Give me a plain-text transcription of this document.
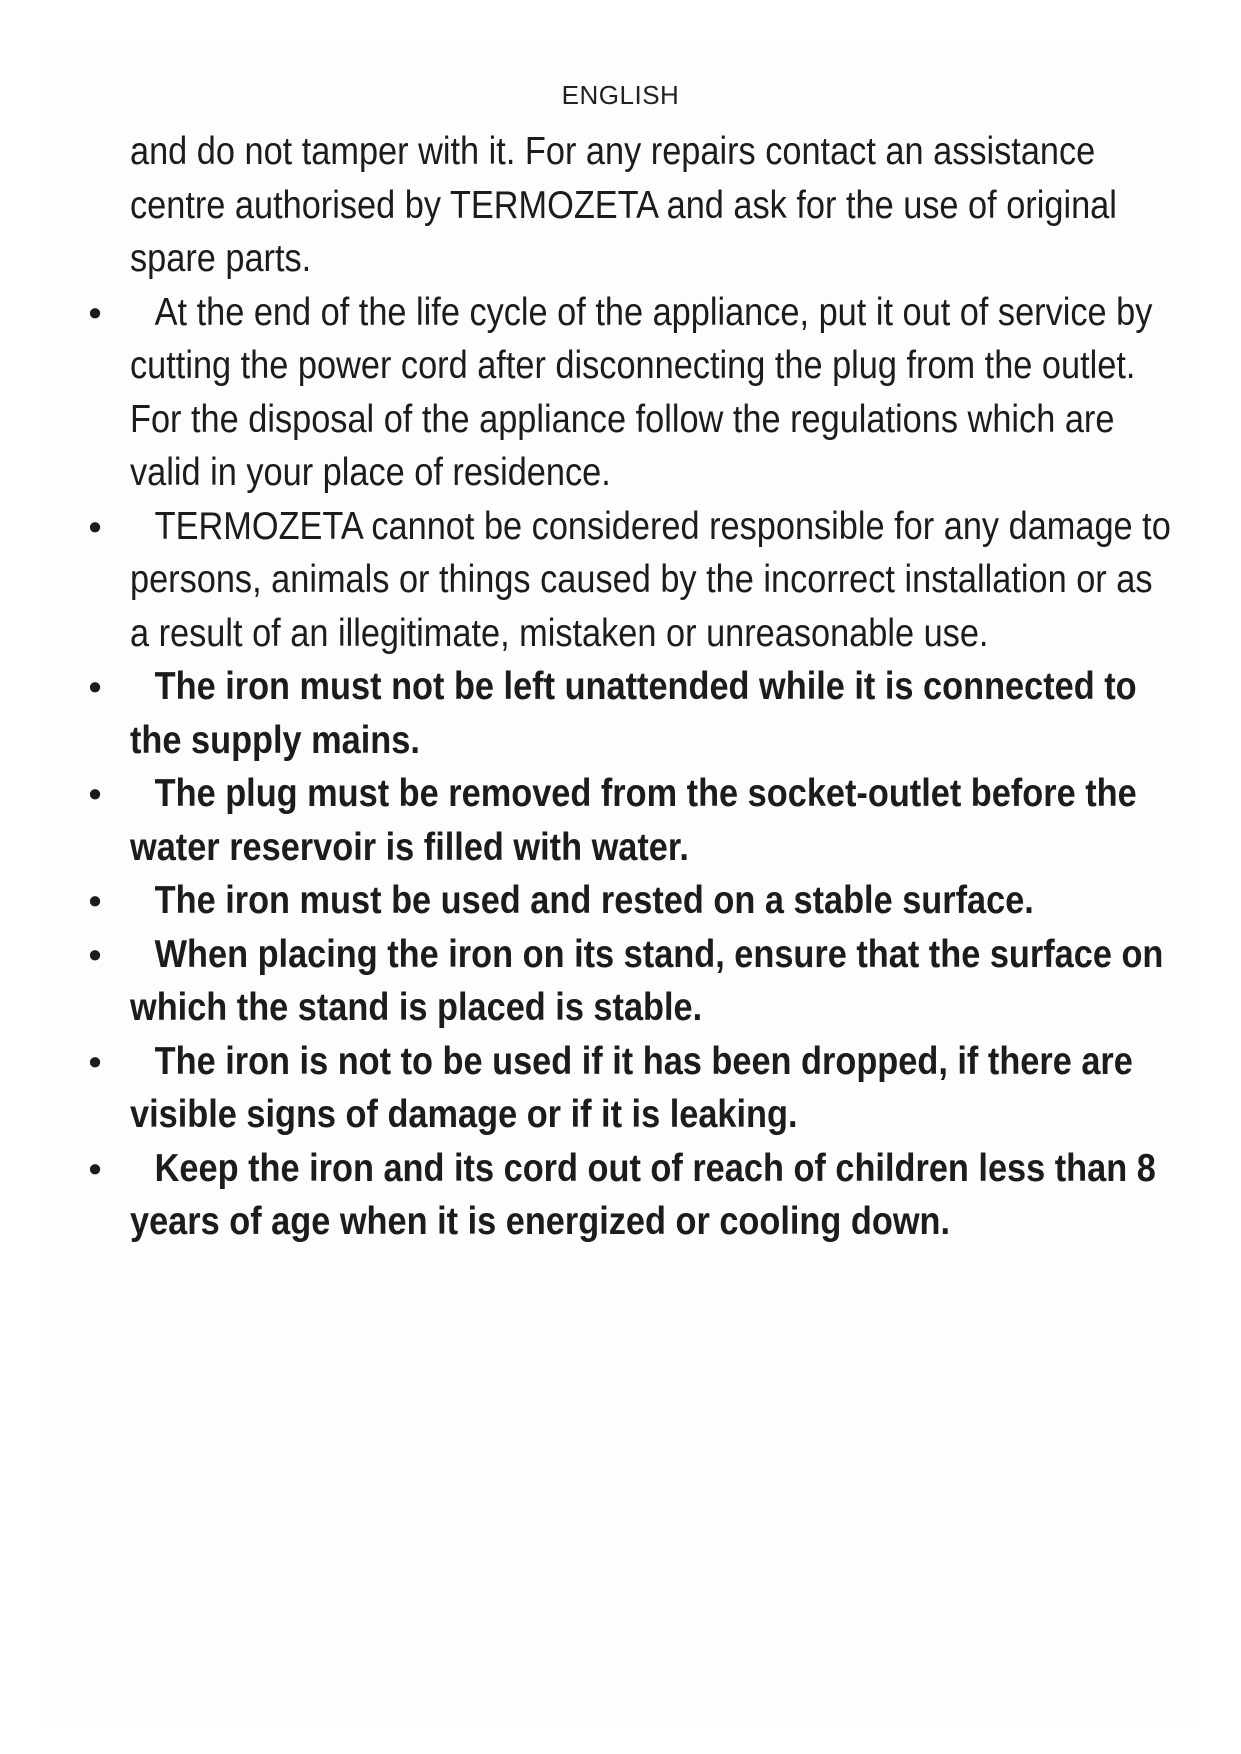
ENGLISH

and do not tamper with it. For any repairs contact an assistance centre authorised by TERMOZETA and ask for the use of original spare parts.

•	At the end of the life cycle of the appliance, put it out of service by cutting the power cord after disconnecting the plug from the outlet. For the disposal of the appliance follow the regulations which are valid in your place of residence.

•	TERMOZETA cannot be considered responsible for any damage to persons, animals or things caused by the incorrect installation or as a result of an illegitimate, mistaken or unreasonable use.

•	The iron must not be left unattended while it is connected to the supply mains.

•	The plug must be removed from the socket-outlet before the water reservoir is filled with water.

•	The iron must be used and rested on a stable surface.

•	When placing the iron on its stand, ensure that the surface on which the stand is placed is stable.

•	The iron is not to be used if it has been dropped, if there are visible signs of damage or if it is leaking.

•	Keep the iron and its cord out of reach of children less than 8 years of age when it is energized or cooling down.
